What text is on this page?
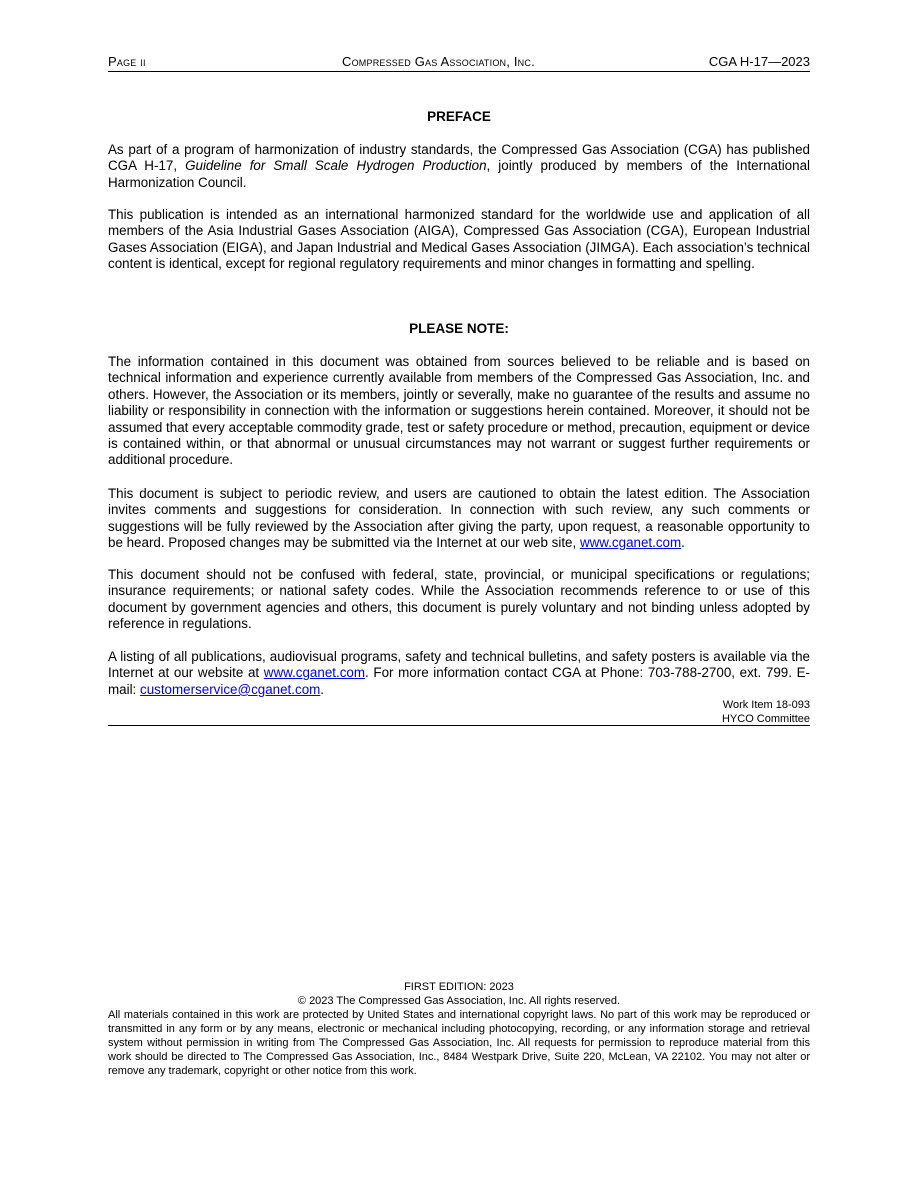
Page ii	Compressed Gas Association, Inc.	CGA H-17—2023
PREFACE
As part of a program of harmonization of industry standards, the Compressed Gas Association (CGA) has published CGA H-17, Guideline for Small Scale Hydrogen Production, jointly produced by members of the International Harmonization Council.
This publication is intended as an international harmonized standard for the worldwide use and application of all members of the Asia Industrial Gases Association (AIGA), Compressed Gas Association (CGA), European Industrial Gases Association (EIGA), and Japan Industrial and Medical Gases Association (JIMGA). Each association’s technical content is identical, except for regional regulatory requirements and minor changes in formatting and spelling.
PLEASE NOTE:
The information contained in this document was obtained from sources believed to be reliable and is based on technical information and experience currently available from members of the Compressed Gas Association, Inc. and others. However, the Association or its members, jointly or severally, make no guarantee of the results and assume no liability or responsibility in connection with the information or suggestions herein contained. Moreover, it should not be assumed that every acceptable commodity grade, test or safety procedure or method, precaution, equipment or device is contained within, or that abnormal or unusual circumstances may not warrant or suggest further requirements or additional procedure.
This document is subject to periodic review, and users are cautioned to obtain the latest edition. The Association invites comments and suggestions for consideration. In connection with such review, any such comments or suggestions will be fully reviewed by the Association after giving the party, upon request, a reasonable opportunity to be heard. Proposed changes may be submitted via the Internet at our web site, www.cganet.com.
This document should not be confused with federal, state, provincial, or municipal specifications or regulations; insurance requirements; or national safety codes. While the Association recommends reference to or use of this document by government agencies and others, this document is purely voluntary and not binding unless adopted by reference in regulations.
A listing of all publications, audiovisual programs, safety and technical bulletins, and safety posters is available via the Internet at our website at www.cganet.com. For more information contact CGA at Phone: 703-788-2700, ext. 799. E-mail: customerservice@cganet.com.
Work Item 18-093
HYCO Committee
FIRST EDITION: 2023
© 2023 The Compressed Gas Association, Inc. All rights reserved.
All materials contained in this work are protected by United States and international copyright laws. No part of this work may be reproduced or transmitted in any form or by any means, electronic or mechanical including photocopying, recording, or any information storage and retrieval system without permission in writing from The Compressed Gas Association, Inc. All requests for permission to reproduce material from this work should be directed to The Compressed Gas Association, Inc., 8484 Westpark Drive, Suite 220, McLean, VA 22102. You may not alter or remove any trademark, copyright or other notice from this work.
